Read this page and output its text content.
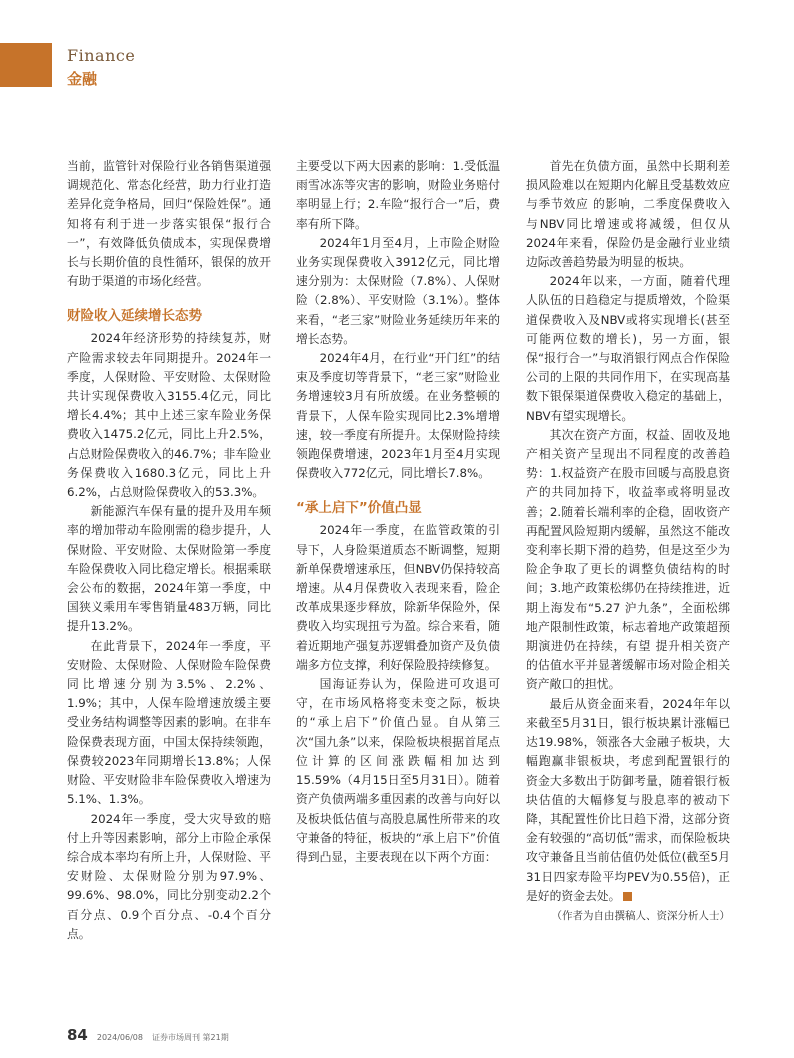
Finance
金融

当前，监管针对保险行业各销售渠道强调规范化、常态化经营，助力行业打造差异化竞争格局，回归“保险姓保”。通知将有利于进一步落实银保“报行合一”，有效降低负债成本，实现保费增长与长期价值的良性循环，银保的放开有助于渠道的市场化经营。

财险收入延续增长态势

2024年经济形势的持续复苏，财产险需求较去年同期提升。2024年一季度，人保财险、平安财险、太保财险共计实现保费收入3155.4亿元，同比增长4.4%；其中上述三家车险业务保费收入1475.2亿元，同比上升2.5%，占总财险保费收入的46.7%；非车险业务保费收入1680.3亿元，同比上升6.2%，占总财险保费收入的53.3%。

新能源汽车保有量的提升及用车频率的增加带动车险刚需的稳步提升，人保财险、平安财险、太保财险第一季度车险保费收入同比稳定增长。根据乘联会公布的数据，2024年第一季度，中国狭义乘用车零售销量483万辆，同比提升13.2%。

在此背景下，2024年一季度，平安财险、太保财险、人保财险车险保费同比增速分别为3.5%、2.2%、1.9%；其中，人保车险增速放缓主要受业务结构调整等因素的影响。在非车险保费表现方面，中国太保持续领跑，保费较2023年同期增长13.8%；人保财险、平安财险非车险保费收入增速为5.1%、1.3%。

2024年一季度，受大灾导致的赔付上升等因素影响，部分上市险企承保综合成本率均有所上升，人保财险、平安财险、太保财险分别为97.9%、99.6%、98.0%，同比分别变动2.2个百分点、0.9个百分点、-0.4个百分点。

主要受以下两大因素的影响：1.受低温雨雪冰冻等灾害的影响，财险业务赔付率明显上行；2.车险“报行合一”后，费率有所下降。

2024年1月至4月，上市险企财险业务实现保费收入3912亿元，同比增速分别为：太保财险（7.8%）、人保财险（2.8%）、平安财险（3.1%）。整体来看，“老三家”财险业务延续历年来的增长态势。

2024年4月，在行业“开门红”的结束及季度切等背景下，“老三家”财险业务增速较3月有所放缓。在业务整顿的背景下，人保车险实现同比2.3%增增速，较一季度有所提升。太保财险持续领跑保费增速，2023年1月至4月实现保费收入772亿元，同比增长7.8%。

“承上启下”价值凸显

2024年一季度，在监管政策的引导下，人身险渠道质态不断调整，短期新单保费增速承压，但NBV仍保持较高增速。从4月保费收入表现来看，险企改革成果逐步释放，除新华保险外，保费收入均实现扭亏为盈。综合来看，随着近期地产强复苏逻辑叠加资产及负债端多方位支撑，利好保险股持续修复。

国海证券认为，保险进可攻退可守，在市场风格将变未变之际，板块的“承上启下”价值凸显。自从第三次“国九条”以来，保险板块根据首尾点位计算的区间涨跌幅相加达到15.59%（4月15日至5月31日）。随着资产负债两端多重因素的改善与向好以及板块低估值与高股息属性所带来的攻守兼备的特征，板块的“承上启下”价值得到凸显，主要表现在以下两个方面：

首先在负债方面，虽然中长期利差损风险难以在短期内化解且受基数效应与季节效应 的影响，二季度保费收入与NBV同比增速或将减缓，但仅从2024年来看，保险仍是金融行业业绩边际改善趋势最为明显的板块。

2024年以来，一方面，随着代理人队伍的日趋稳定与提质增效，个险渠道保费收入及NBV或将实现增长(甚至可能两位数的增长)，另一方面，银保“报行合一”与取消银行网点合作保险公司的上限的共同作用下，在实现高基数下银保渠道保费收入稳定的基础上，NBV有望实现增长。

其次在资产方面，权益、固收及地产相关资产呈现出不同程度的改善趋势：1.权益资产在股市回暖与高股息资产的共同加持下，收益率或将明显改善；2.随着长端利率的企稳，固收资产再配置风险短期内缓解，虽然这不能改变利率长期下滑的趋势，但是这至少为险企争取了更长的调整负债结构的时间；3.地产政策松绑仍在持续推进，近期上海发布“5.27 沪九条”，全面松绑地产限制性政策，标志着地产政策超预期演进仍在持续，有望 提升相关资产的估值水平并显著缓解市场对险企相关资产敞口的担忧。

最后从资金面来看，2024年年以来截至5月31日，银行板块累计涨幅已达19.98%，领涨各大金融子板块，大幅跑赢非银板块，考虑到配置银行的 资金大多数出于防御考量，随着银行板块估值的大幅修复与股息率的被动下降，其配置性价比日趋下滑，这部分资金有较强的“高切低”需求，而保险板块攻守兼备且当前估值仍处低位(截至5月31日四家寿险平均PEV为0.55倍)，正是好的资金去处。

（作者为自由撰稿人、资深分析人士）
84 2024/06/08 证券市场周刊 第21期
